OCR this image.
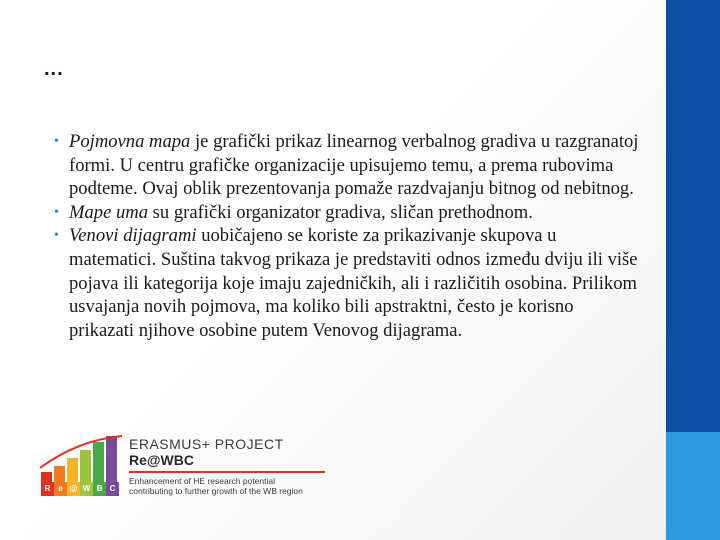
...
• Pojmovna mapa je grafički prikaz linearnog verbalnog gradiva u razgranatoj formi. U centru grafičke organizacije upisujemo temu, a prema rubovima podteme. Ovaj oblik prezentovanja pomaže razdvajanju bitnog od nebitnog.
• Mape uma su grafički organizator gradiva, sličan prethodnom.
• Venovi dijagrami uobičajeno se koriste za prikazivanje skupova u matematici. Suština takvog prikaza je predstaviti odnos između dviju ili više pojava ili kategorija koje imaju zajedničkih, ali i različitih osobina. Prilikom usvajanja novih pojmova, ma koliko bili apstraktni, često je korisno prikazati njihove osobine putem Venovog dijagrama.
R e @ W B C
ERASMUS+ PROJECT
Re@WBC
Enhancement of HE research potential
contributing to further growth of the WB region
